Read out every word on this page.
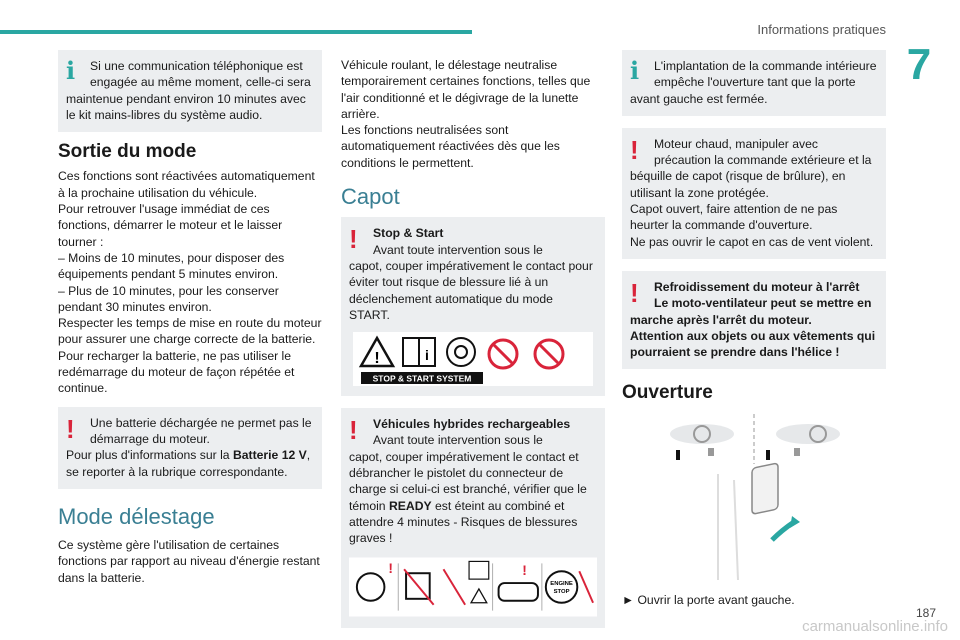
Informations pratiques
7
187
carmanualsonline.info
i	Si une communication téléphonique est
engagée au même moment, celle-ci sera
maintenue pendant environ 10 minutes avec le kit mains-libres du système audio.

Sortie du mode

Ces fonctions sont réactivées automatiquement à la prochaine utilisation du véhicule.

Pour retrouver l'usage immédiat de ces fonctions, démarrer le moteur et le laisser tourner :

– Moins de 10 minutes, pour disposer des équipements pendant 5 minutes environ.

– Plus de 10 minutes, pour les conserver pendant 30 minutes environ.

Respecter les temps de mise en route du moteur pour assurer une charge correcte de la batterie.

Pour recharger la batterie, ne pas utiliser le redémarrage du moteur de façon répétée et continue.

!	Une batterie déchargée ne permet pas le
démarrage du moteur.
Pour plus d'informations sur la Batterie 12 V, se reporter à la rubrique correspondante.

Mode délestage

Ce système gère l'utilisation de certaines fonctions par rapport au niveau d'énergie restant dans la batterie.

Véhicule roulant, le délestage neutralise temporairement certaines fonctions, telles que l'air conditionné et le dégivrage de la lunette arrière.

Les fonctions neutralisées sont automatiquement réactivées dès que les conditions le permettent.

Capot
!	Stop & Start
Avant toute intervention sous le
capot, couper impérativement le contact pour éviter tout risque de blessure lié à un déclenchement automatique du mode START.

!	i
STOP & START SYSTEM
!	Véhicules hybrides rechargeables
Avant toute intervention sous le
capot, couper impérativement le contact et débrancher le pistolet du connecteur de charge si celui-ci est branché, vérifier que le témoin READY est éteint au combiné et attendre 4 minutes - Risques de blessures graves !

!	!
ENGINE
STOP
i	L'implantation de la commande intérieure
empêche l'ouverture tant que la porte
avant gauche est fermée.

!	Moteur chaud, manipuler avec
précaution la commande extérieure et la
béquille de capot (risque de brûlure), en utilisant la zone protégée.

Capot ouvert, faire attention de ne pas heurter la commande d'ouverture.

Ne pas ouvrir le capot en cas de vent violent.

!	Refroidissement du moteur à l'arrêt
Le moto-ventilateur peut se mettre en
marche après l'arrêt du moteur.

Attention aux objets ou aux vêtements qui pourraient se prendre dans l'hélice !

Ouverture

► Ouvrir la porte avant gauche.
